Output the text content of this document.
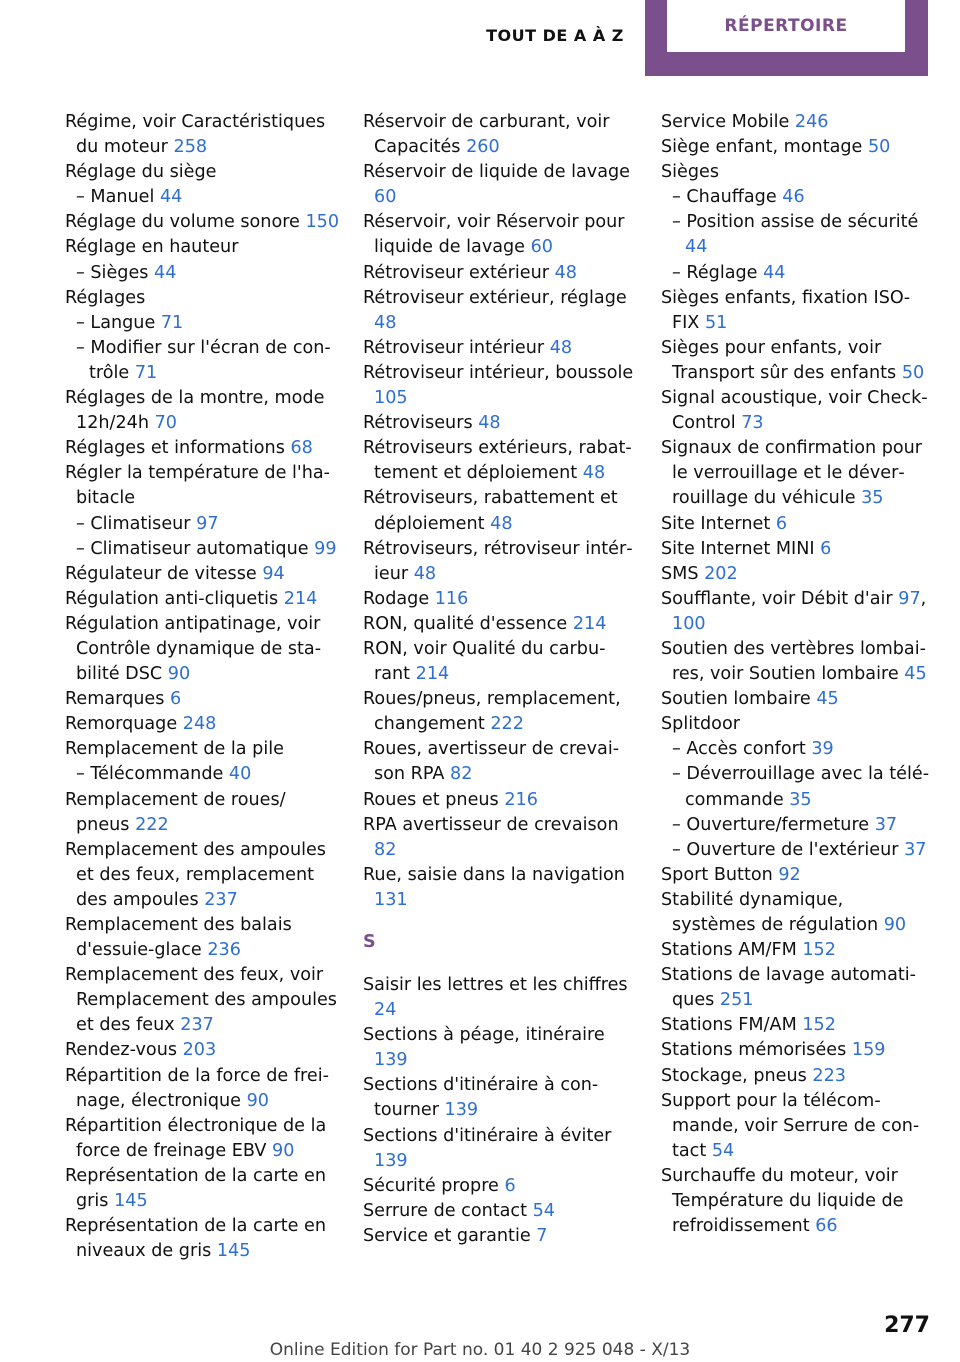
TOUT DE A À Z	RÉPERTOIRE

Régime, voir Caractéristiques du moteur 258

Réglage du siège

– Manuel 44

Réglage du volume sonore 150

Réglage en hauteur

– Sièges 44

Réglages

– Langue 71

– Modifier sur l'écran de contrôle 71

Réglages de la montre, mode 12h/24h 70

Réglages et informations 68

Régler la température de l'habitacle

– Climatiseur 97

– Climatiseur automatique 99

Régulateur de vitesse 94

Régulation anti-cliquetis 214

Régulation antipatinage, voir Contrôle dynamique de stabilité DSC 90

Remarques 6

Remorquage 248

Remplacement de la pile

– Télécommande 40

Remplacement de roues/ pneus 222

Remplacement des ampoules et des feux, remplacement des ampoules 237

Remplacement des balais d'essuie-glace 236

Remplacement des feux, voir Remplacement des ampoules et des feux 237

Rendez-vous 203

Répartition de la force de freinage, électronique 90

Répartition électronique de la force de freinage EBV 90

Représentation de la carte en gris 145

Représentation de la carte en niveaux de gris 145

Réservoir de carburant, voir Capacités 260

Réservoir de liquide de lavage 60

Réservoir, voir Réservoir pour liquide de lavage 60

Rétroviseur extérieur 48

Rétroviseur extérieur, réglage 48

Rétroviseur intérieur 48

Rétroviseur intérieur, boussole 105

Rétroviseurs 48

Rétroviseurs extérieurs, rabattement et déploiement 48

Rétroviseurs, rabattement et déploiement 48

Rétroviseurs, rétroviseur intérieur 48

Rodage 116

RON, qualité d'essence 214

RON, voir Qualité du carburant 214

Roues/pneus, remplacement, changement 222

Roues, avertisseur de crevaison RPA 82

Roues et pneus 216

RPA avertisseur de crevaison 82

Rue, saisie dans la navigation 131

S

Saisir les lettres et les chiffres 24

Sections à péage, itinéraire 139

Sections d'itinéraire à contourner 139

Sections d'itinéraire à éviter 139

Sécurité propre 6

Serrure de contact 54

Service et garantie 7

Service Mobile 246

Siège enfant, montage 50

Sièges

– Chauffage 46

– Position assise de sécurité 44

– Réglage 44

Sièges enfants, fixation ISOFIX 51

Sièges pour enfants, voir Transport sûr des enfants 50

Signal acoustique, voir Check-Control 73

Signaux de confirmation pour le verrouillage et le déverrouillage du véhicule 35

Site Internet 6

Site Internet MINI 6

SMS 202

Soufflante, voir Débit d'air 97, 100

Soutien des vertèbres lombaires, voir Soutien lombaire 45

Soutien lombaire 45

Splitdoor

– Accès confort 39

– Déverrouillage avec la télécommande 35

– Ouverture/fermeture 37

– Ouverture de l'extérieur 37

Sport Button 92

Stabilité dynamique, systèmes de régulation 90

Stations AM/FM 152

Stations de lavage automatiques 251

Stations FM/AM 152

Stations mémorisées 159

Stockage, pneus 223

Support pour la télécommande, voir Serrure de contact 54

Surchauffe du moteur, voir Température du liquide de refroidissement 66

277
Online Edition for Part no. 01 40 2 925 048 - X/13
